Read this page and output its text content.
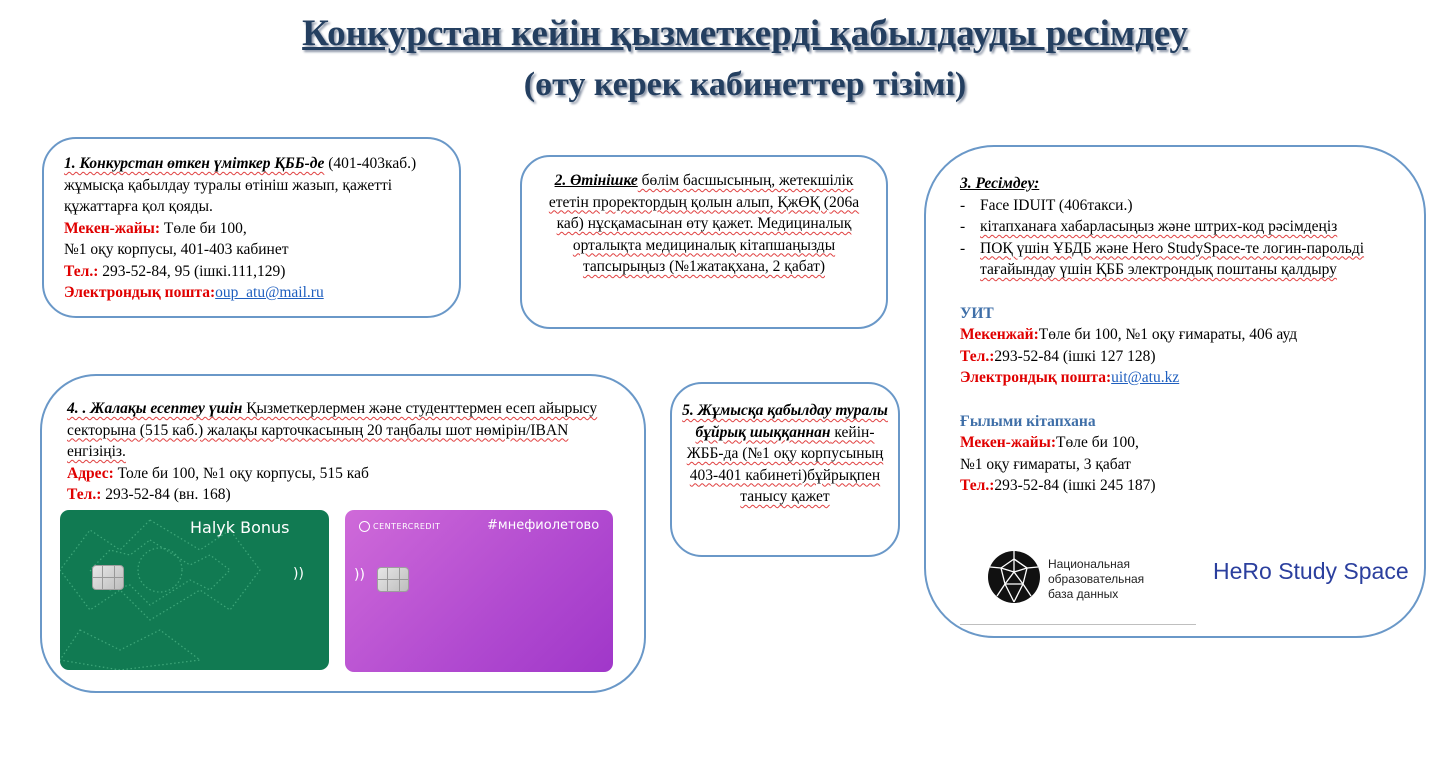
Конкурстан кейін қызметкерді қабылдауды ресімдеу
(өту керек кабинеттер тізімі)
1. Конкурстан өткен үміткер ҚББ-де (401-403каб.) жұмысқа қабылдау туралы өтініш жазып, қажетті құжаттарға қол қояды.
Мекен-жайы: Төле би 100,
№1 оқу корпусы, 401-403 кабинет
Тел.: 293-52-84, 95 (ішкі.111,129)
Электрондық пошта:oup_atu@mail.ru
2. Өтінішке бөлім басшысының, жетекшілік ететін проректордың қолын алып, ҚжӨҚ (206а каб) нұсқамасынан өту қажет. Медициналық орталықта медициналық кітапшаңызды тапсырыңыз (№1жатақхана, 2 қабат)
3. Ресімдеу:
- Face IDUIT (406такси.)
- кітапханаға хабарласыңыз және штрих-код рәсімдеңіз
- ПОҚ үшін ҰБДБ және Hero StudySpace-те логин-парольді тағайындау үшін ҚББ электрондық поштаны қалдыру
УИТ
Мекенжай:Төле би 100, №1 оқу ғимараты, 406 ауд
Тел.:293-52-84 (ішкі 127 128)
Электрондық пошта:uit@atu.kz
Ғылыми кітапхана
Мекен-жайы:Төле би 100,
№1 оқу ғимараты, 3 қабат
Тел.:293-52-84 (ішкі 245 187)
Национальная
образовательная
база данных
HeRo Study Space
4. . Жалақы есептеу үшін Қызметкерлермен және студенттермен есеп айырысу секторына (515 каб.) жалақы карточкасының 20 таңбалы шот нөмірін/IBAN енгізіңіз.
Адрес: Толе би 100, №1 оқу корпусы, 515 каб
Тел.: 293-52-84 (вн. 168)
Halyk Bonus
))
CENTERCREDIT	#мнефиолетово
))
5. Жұмысқа қабылдау туралы бұйрық шыққаннан кейін-ЖББ-да (№1 оқу корпусының 403-401 кабинеті)бұйрықпен танысу қажет
